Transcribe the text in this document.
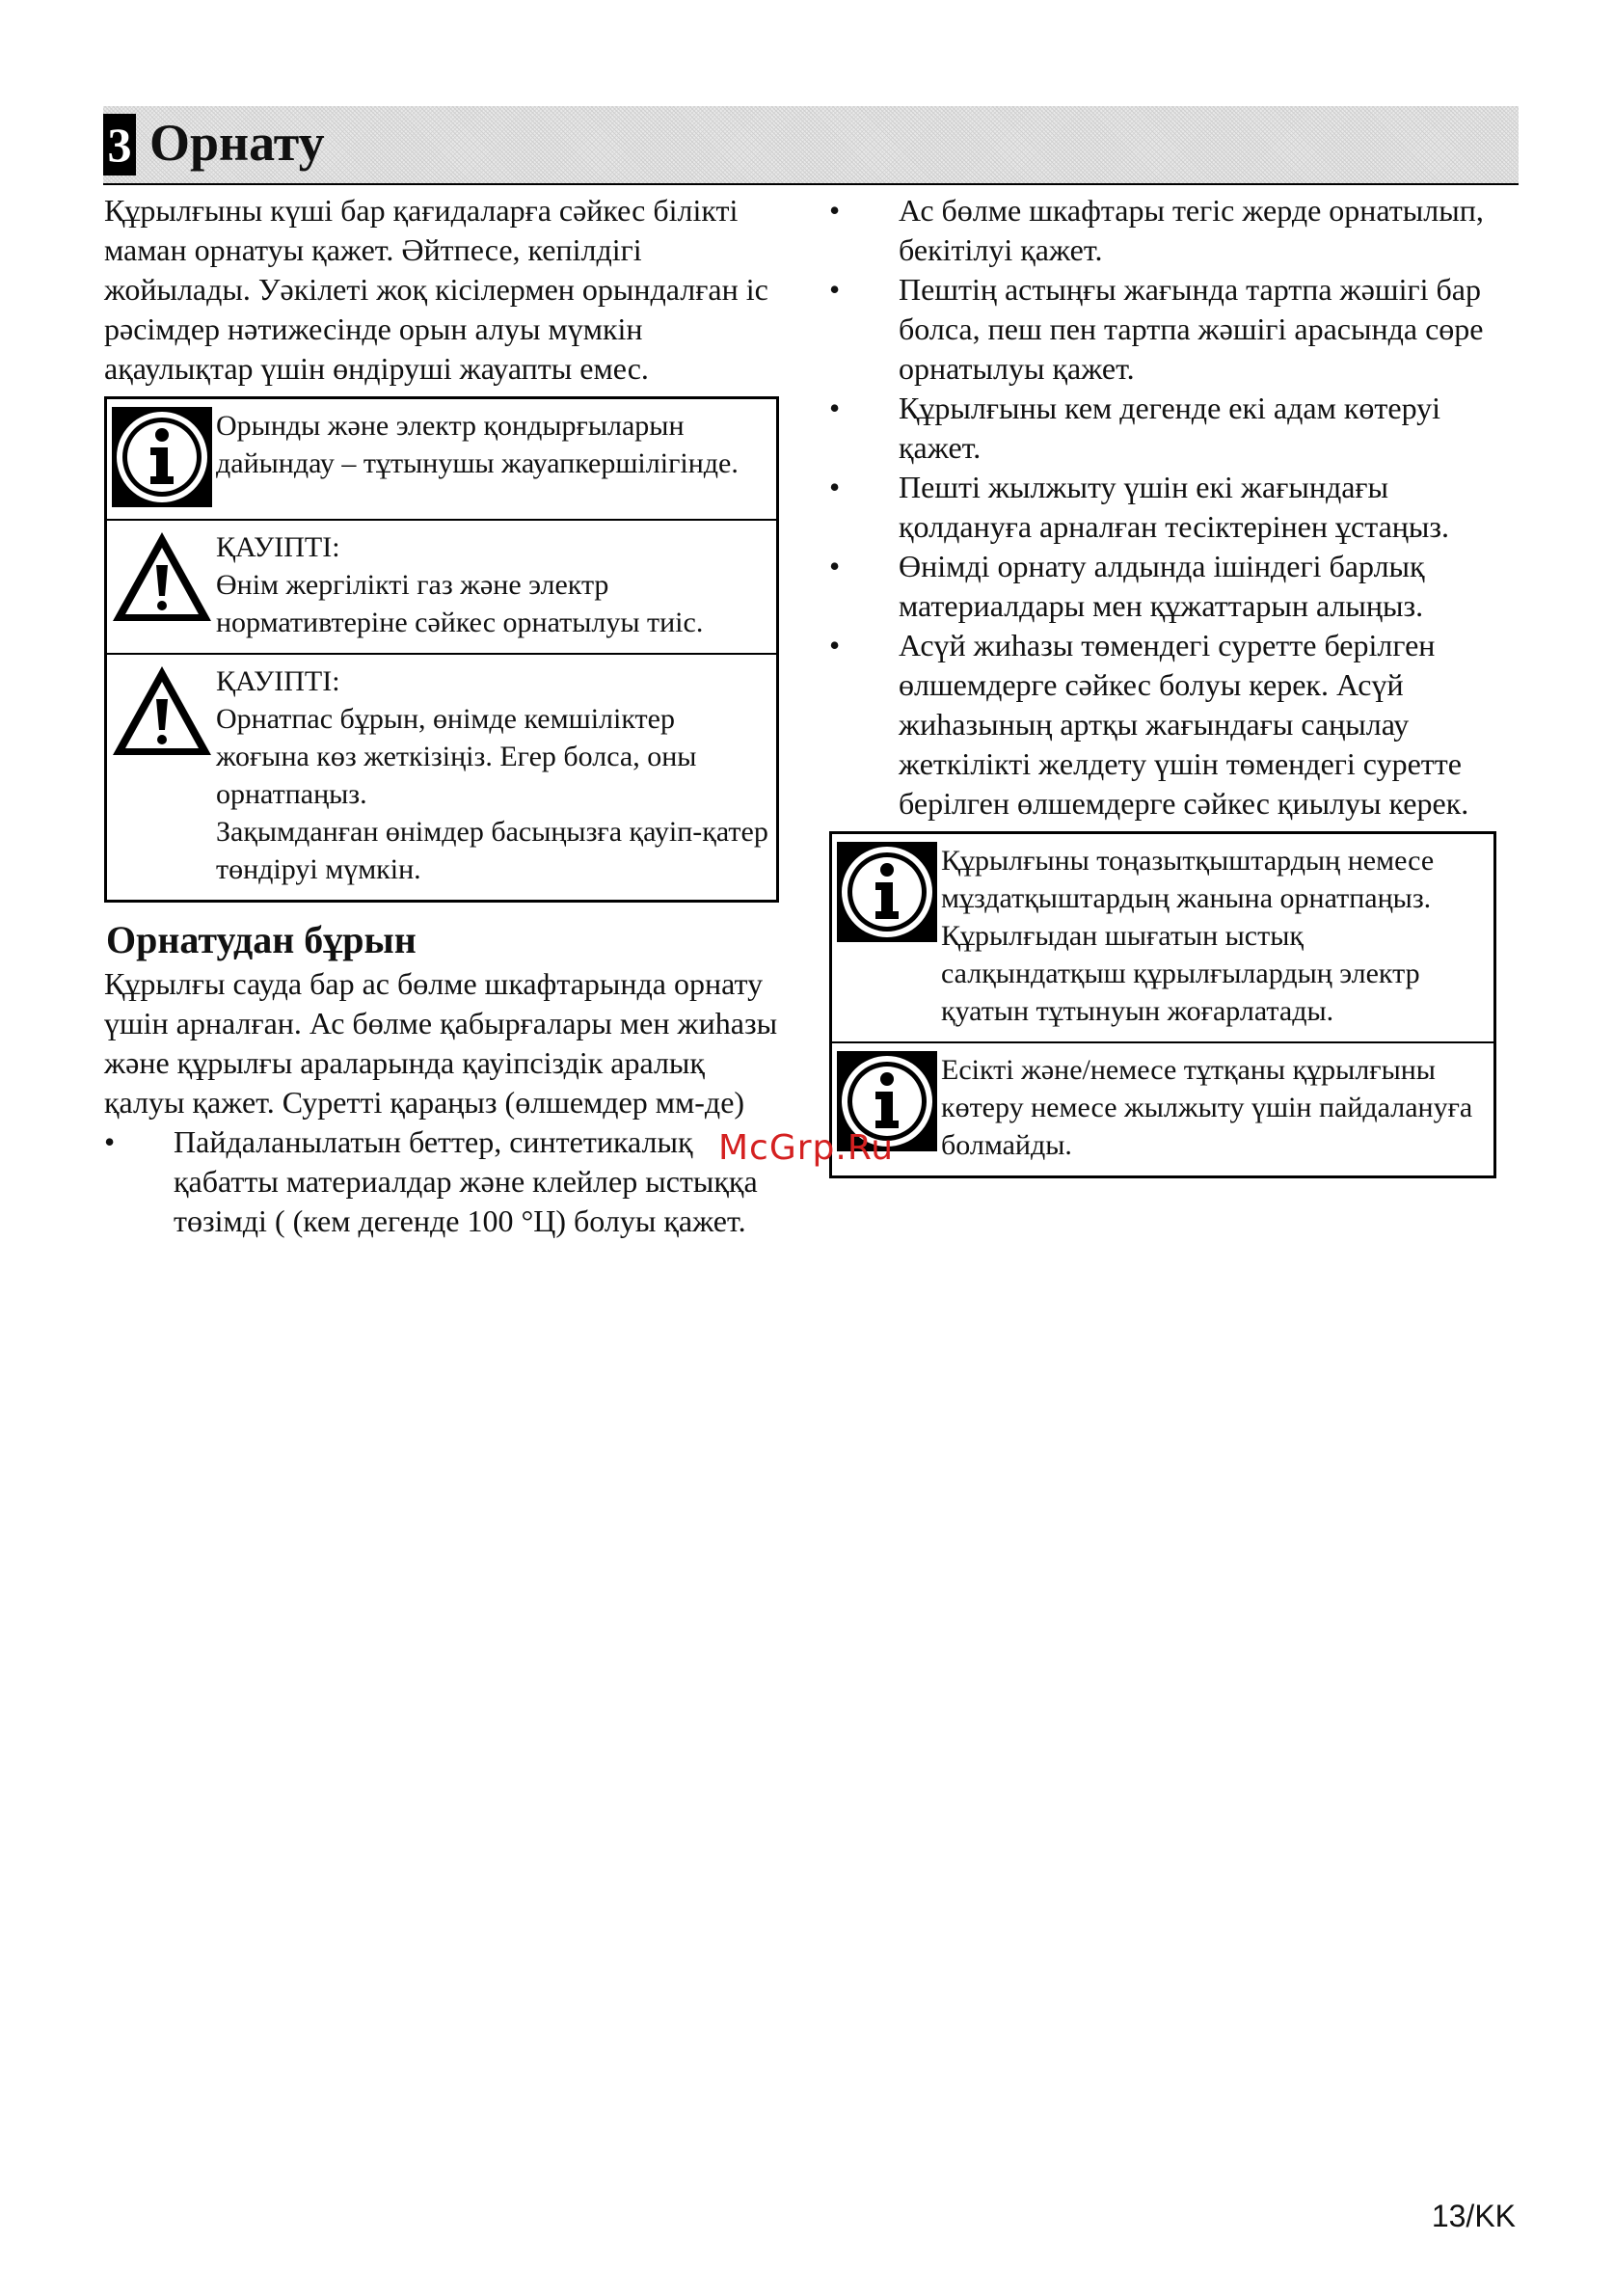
3 Орнату

Құрылғыны күші бар қағидаларға сәйкес білікті маман орнатуы қажет. Әйтпесе, кепілдігі жойылады. Уәкілеті жоқ кісілермен орындалған іс рәсімдер нәтижесінде орын алуы мүмкін ақаулықтар үшін өндіруші жауапты емес.

Орынды және электр қондырғыларын дайындау – тұтынушы жауапкершілігінде.
ҚАУІПТІ:
Өнім жергілікті газ және электр нормативтеріне сәйкес орнатылуы тиіс.
ҚАУІПТІ:
Орнатпас бұрын, өнімде кемшіліктер жоғына көз жеткізіңіз. Егер болса, оны орнатпаңыз.
Зақымданған өнімдер басыңызға қауіп-қатер төндіруі мүмкін.
Орнатудан бұрын

Құрылғы сауда бар ас бөлме шкафтарында орнату үшін арналған. Ас бөлме қабырғалары мен жиһазы және құрылғы араларында қауіпсіздік аралық қалуы қажет. Суретті қараңыз (өлшемдер мм-де)

•	Пайдаланылатын беттер, синтетикалық қабатты материалдар және клейлер ыстыққа төзімді ( (кем дегенде 100 °Ц) болуы қажет.
•	Ас бөлме шкафтары тегіс жерде орнатылып, бекітілуі қажет.
•	Пештің астыңғы жағында тартпа жәшігі бар болса, пеш пен тартпа жәшігі арасында сөре орнатылуы қажет.
•	Құрылғыны кем дегенде екі адам көтеруі қажет.
•	Пешті жылжыту үшін екі жағындағы қолдануға арналған тесіктерінен ұстаңыз.
•	Өнімді орнату алдында ішіндегі барлық материалдары мен құжаттарын алыңыз.
•	Асүй жиһазы төмендегі суретте берілген өлшемдерге сәйкес болуы керек. Асүй жиһазының артқы жағындағы саңылау жеткілікті желдету үшін төмендегі суретте берілген өлшемдерге сәйкес қиылуы керек.
Құрылғыны тоңазытқыштардың немесе мұздатқыштардың жанына орнатпаңыз. Құрылғыдан шығатын ыстық салқындатқыш құрылғылардың электр қуатын тұтынуын жоғарлатады.
Есікті және/немесе тұтқаны құрылғыны көтеру немесе жылжыту үшін пайдалануға болмайды.
McGrp.Ru
13/KK
